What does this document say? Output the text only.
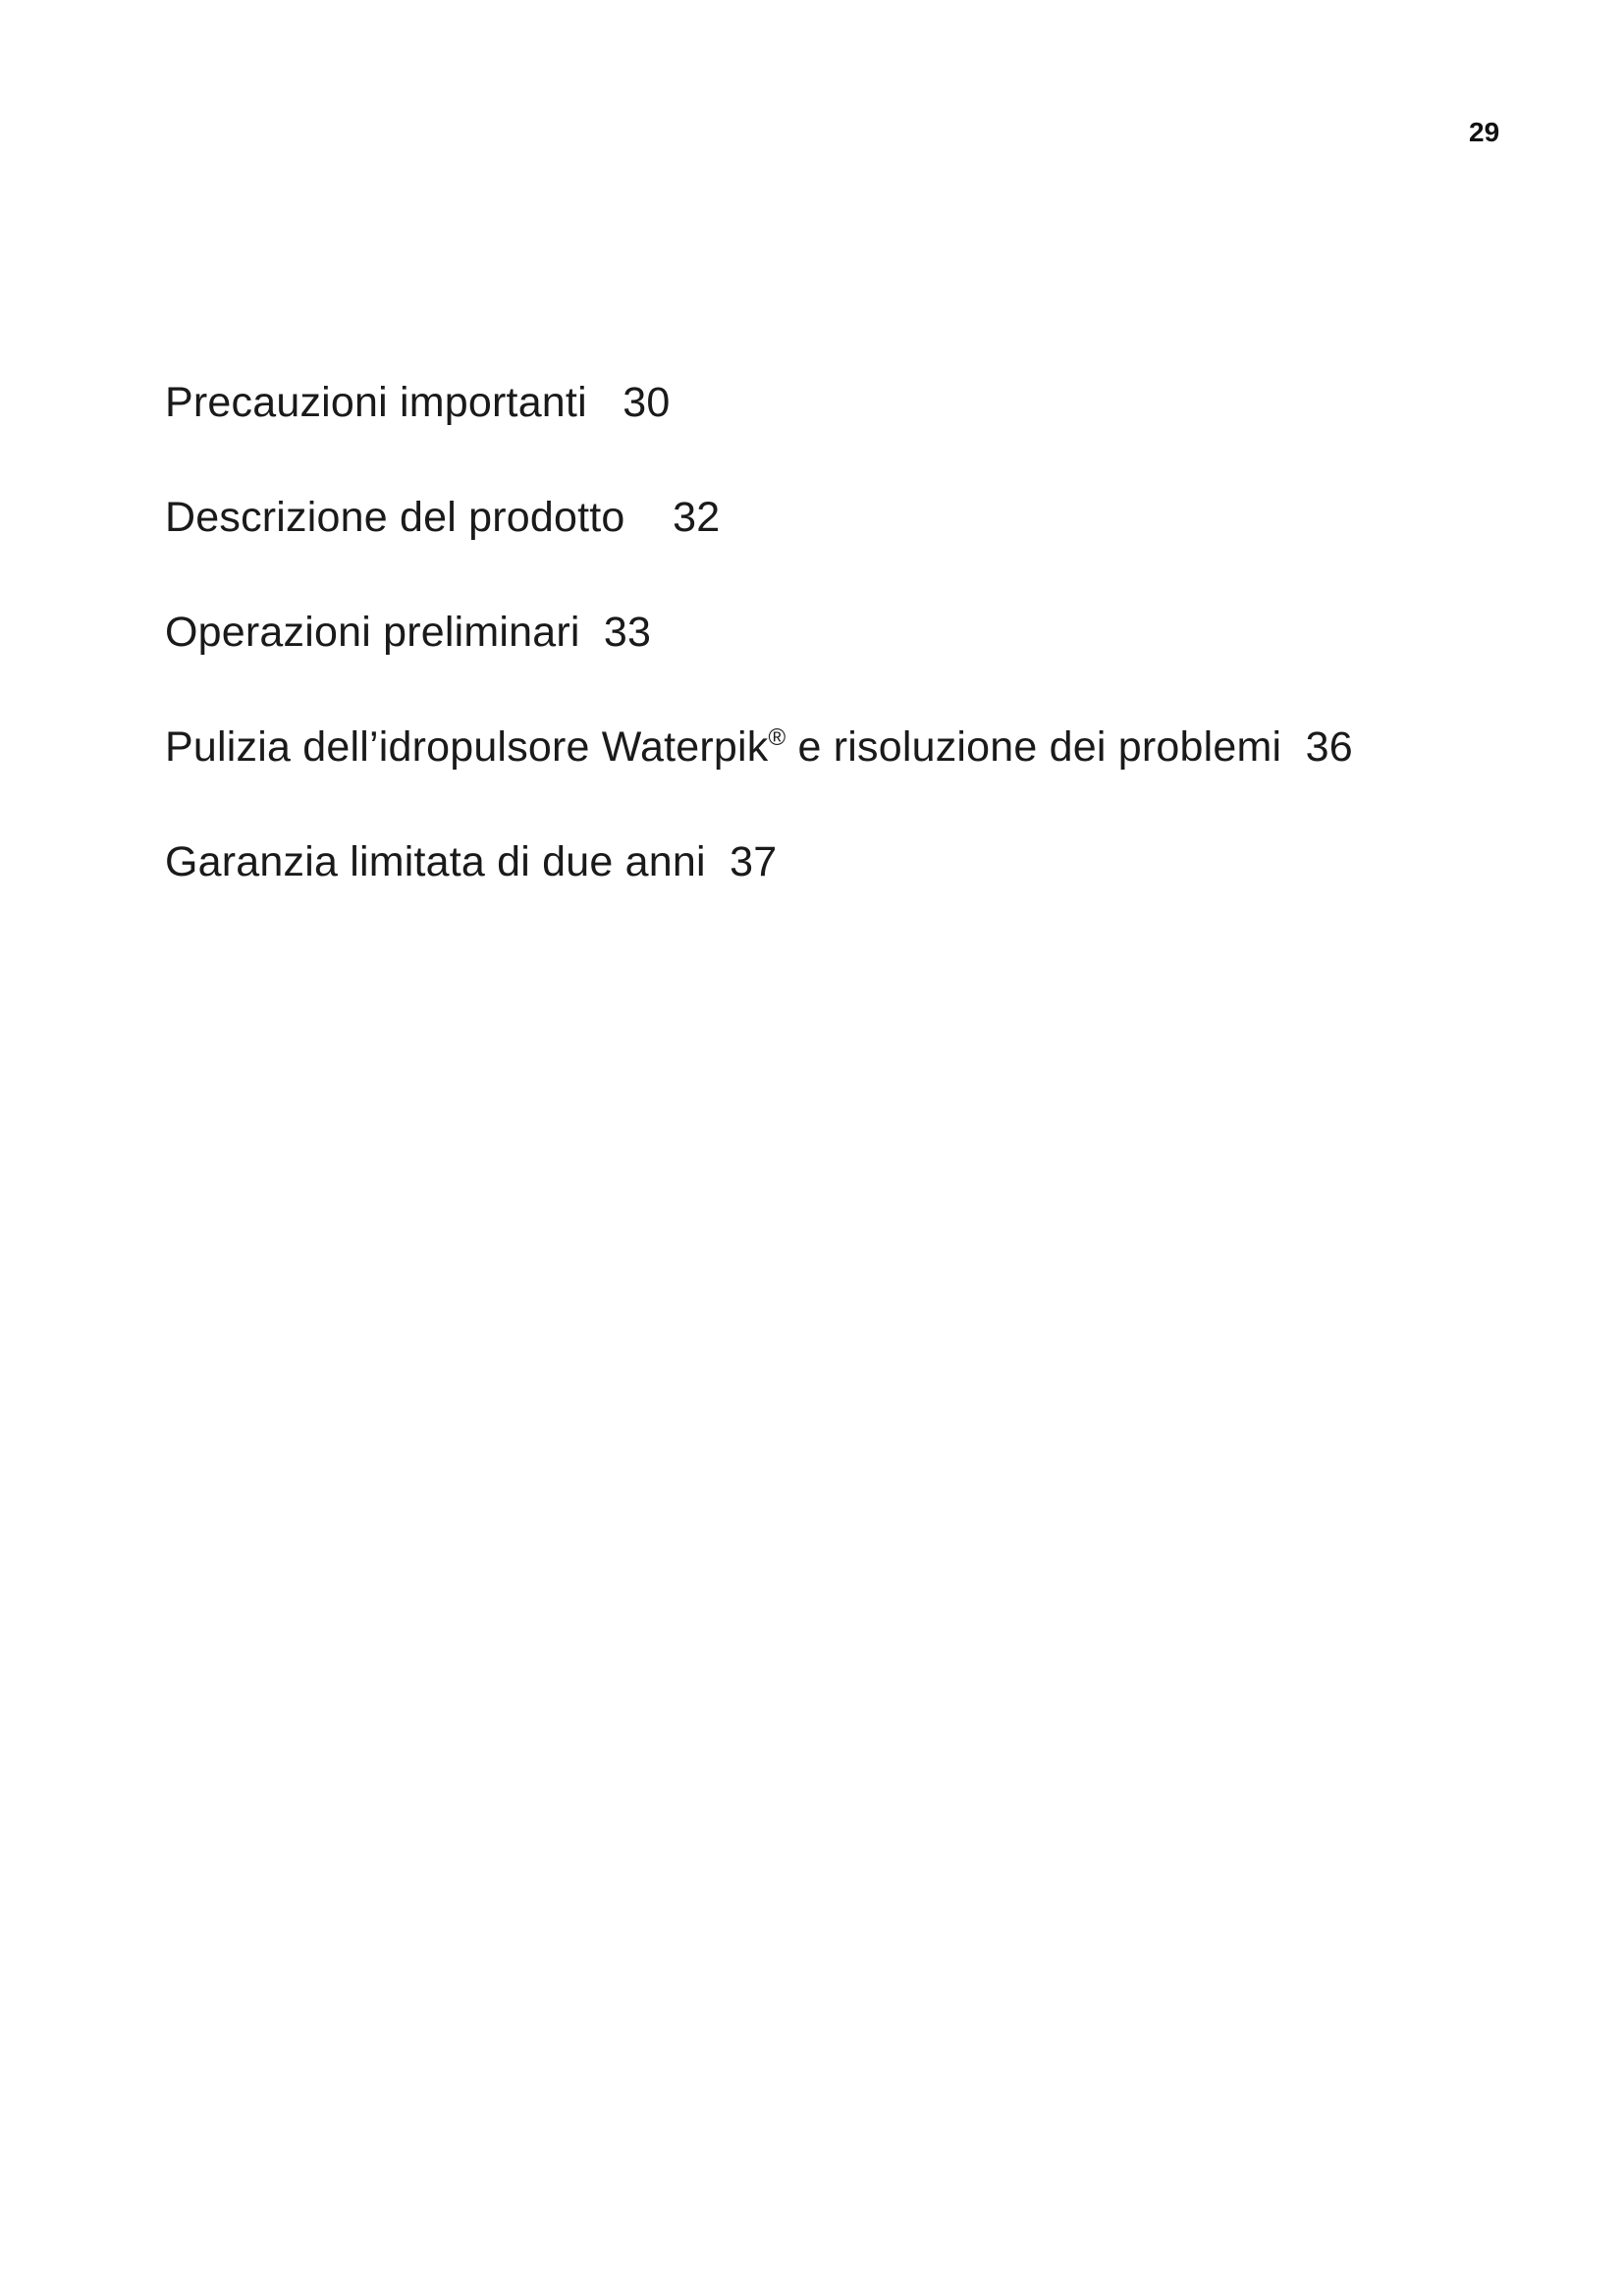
29
Precauzioni importanti 30
Descrizione del prodotto 32
Operazioni preliminari 33
Pulizia dell’idropulsore Waterpik® e risoluzione dei problemi 36
Garanzia limitata di due anni 37
